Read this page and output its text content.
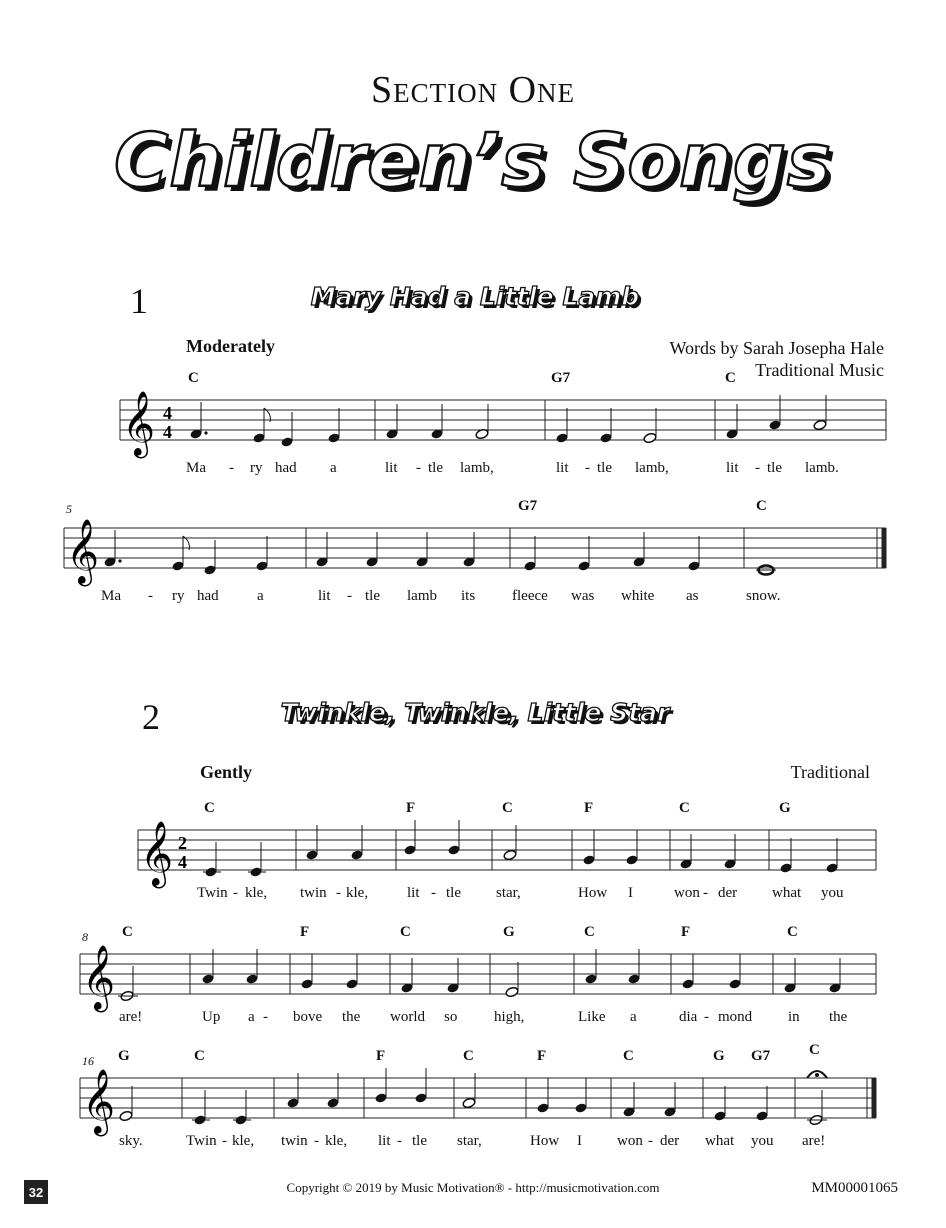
Section One
Children’s Songs
1	Mary Had a Little Lamb
Moderately	Words by Sarah Josepha Hale
Traditional Music
C	G7	C
5	G7	C
𝄞 4
4
Ma - ry had a	lit - tle lamb,	lit - tle lamb,	lit - tle lamb.
𝄞
Ma - ry had	a	lit - tle lamb its fleece was white as	snow.
2	Twinkle, Twinkle, Little Star
Gently	Traditional
C	F	C	F	C	G
𝄞 2
4
Twin - kle, twin - kle,	lit - tle star,	How I	won - der what you
8 C	F	C	G	C	F	C
𝄞
are!	Up a - bove the world so high,	Like a	dia - mond in the
16 G	C	F	C	F	C	G G7	C
𝄞
sky.	Twin - kle, twin - kle, lit - tle star,	How I won - der what you are!
32	Copyright © 2019 by Music Motivation® - http://musicmotivation.com	MM00001065
